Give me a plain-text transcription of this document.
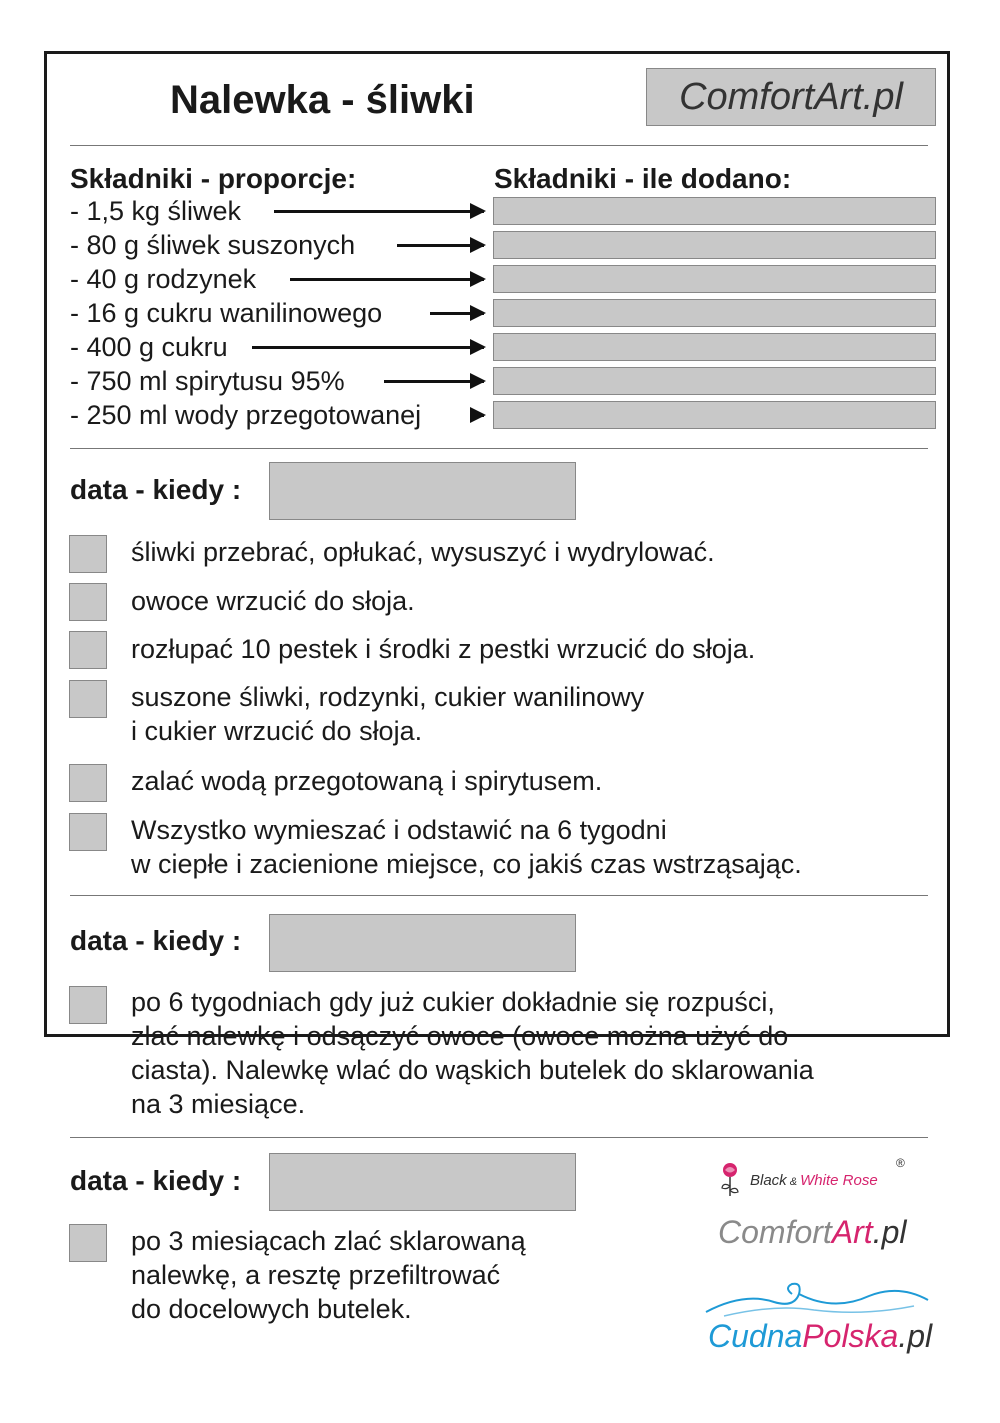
Nalewka - śliwki	ComfortArt.pl
Składniki - proporcje:	Składniki - ile dodano:
- 1,5 kg śliwek
- 80 g śliwek suszonych
- 40 g rodzynek
- 16 g cukru wanilinowego
- 400 g cukru
- 750 ml spirytusu 95%
- 250 ml wody przegotowanej
data - kiedy :
śliwki przebrać, opłukać, wysuszyć i wydrylować.
owoce wrzucić do słoja.
rozłupać 10 pestek i środki z pestki wrzucić do słoja.
suszone śliwki, rodzynki, cukier wanilinowy
i cukier wrzucić do słoja.
zalać wodą przegotowaną i spirytusem.
Wszystko wymieszać i odstawić na 6 tygodni
w ciepłe i zacienione miejsce, co jakiś czas wstrząsając.
data - kiedy :
po 6 tygodniach gdy już cukier dokładnie się rozpuści,
zlać nalewkę i odsączyć owoce (owoce można użyć do
ciasta). Nalewkę wlać do wąskich butelek do sklarowania
na 3 miesiące.
data - kiedy :
po 3 miesiącach zlać sklarowaną
nalewkę, a resztę przefiltrować
do docelowych butelek.
Black & White Rose
®
ComfortArt.pl
CudnaPolska.pl
